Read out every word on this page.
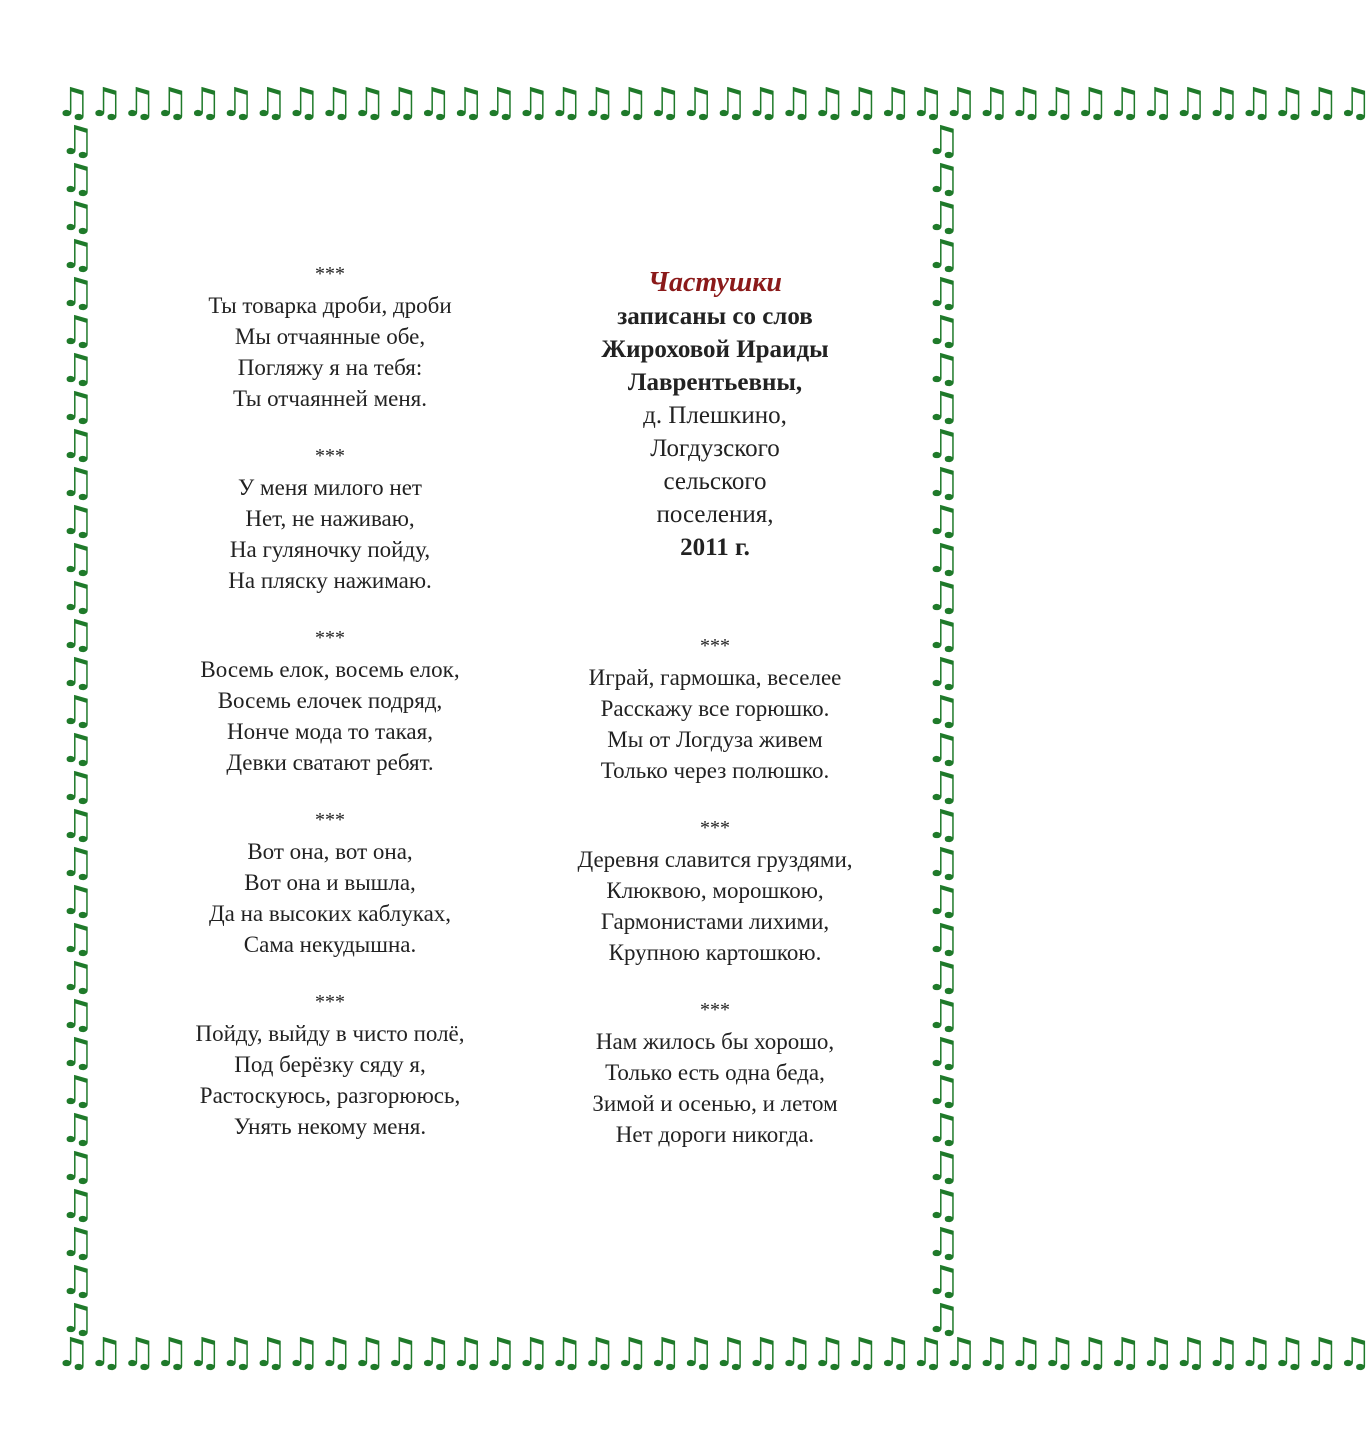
♫♫♫♫♫♫♫♫♫♫♫♫♫♫♫♫♫♫♫♫♫♫♫♫♫♫♫♫♫♫♫♫♫♫♫♫♫♫♫♫
♫♫♫♫♫♫♫♫♫♫♫♫♫♫♫♫♫♫♫♫♫♫♫♫♫♫♫♫♫♫♫♫
♫♫♫♫♫♫♫♫♫♫♫♫♫♫♫♫♫♫♫♫♫♫♫♫♫♫♫♫♫♫♫♫
♫♫♫♫♫♫♫♫♫♫♫♫♫♫♫♫♫♫♫♫♫♫♫♫♫♫♫♫♫♫♫♫♫♫♫♫♫♫♫♫
***
Ты товарка дроби, дроби
Мы отчаянные обе,
Погляжу я на тебя:
Ты отчаянней меня.
***
У меня милого нет
Нет, не наживаю,
На гуляночку пойду,
На пляску нажимаю.
***
Восемь елок, восемь елок,
Восемь елочек подряд,
Нонче мода то такая,
Девки сватают ребят.
***
Вот она, вот она,
Вот она и вышла,
Да на высоких каблуках,
Сама некудышна.
***
Пойду, выйду в чисто полё,
Под берёзку сяду я,
Растоскуюсь, разгорююсь,
Унять некому меня.
Частушки
записаны со слов
Жироховой Ираиды
Лаврентьевны,
д. Плешкино,
Логдузского
сельского
поселения,
2011 г.
***
Играй, гармошка, веселее
Расскажу все горюшко.
Мы от Логдуза живем
Только через полюшко.
***
Деревня славится груздями,
Клюквою, морошкою,
Гармонистами лихими,
Крупною картошкою.
***
Нам жилось бы хорошо,
Только есть одна беда,
Зимой и осенью, и летом
Нет дороги никогда.
